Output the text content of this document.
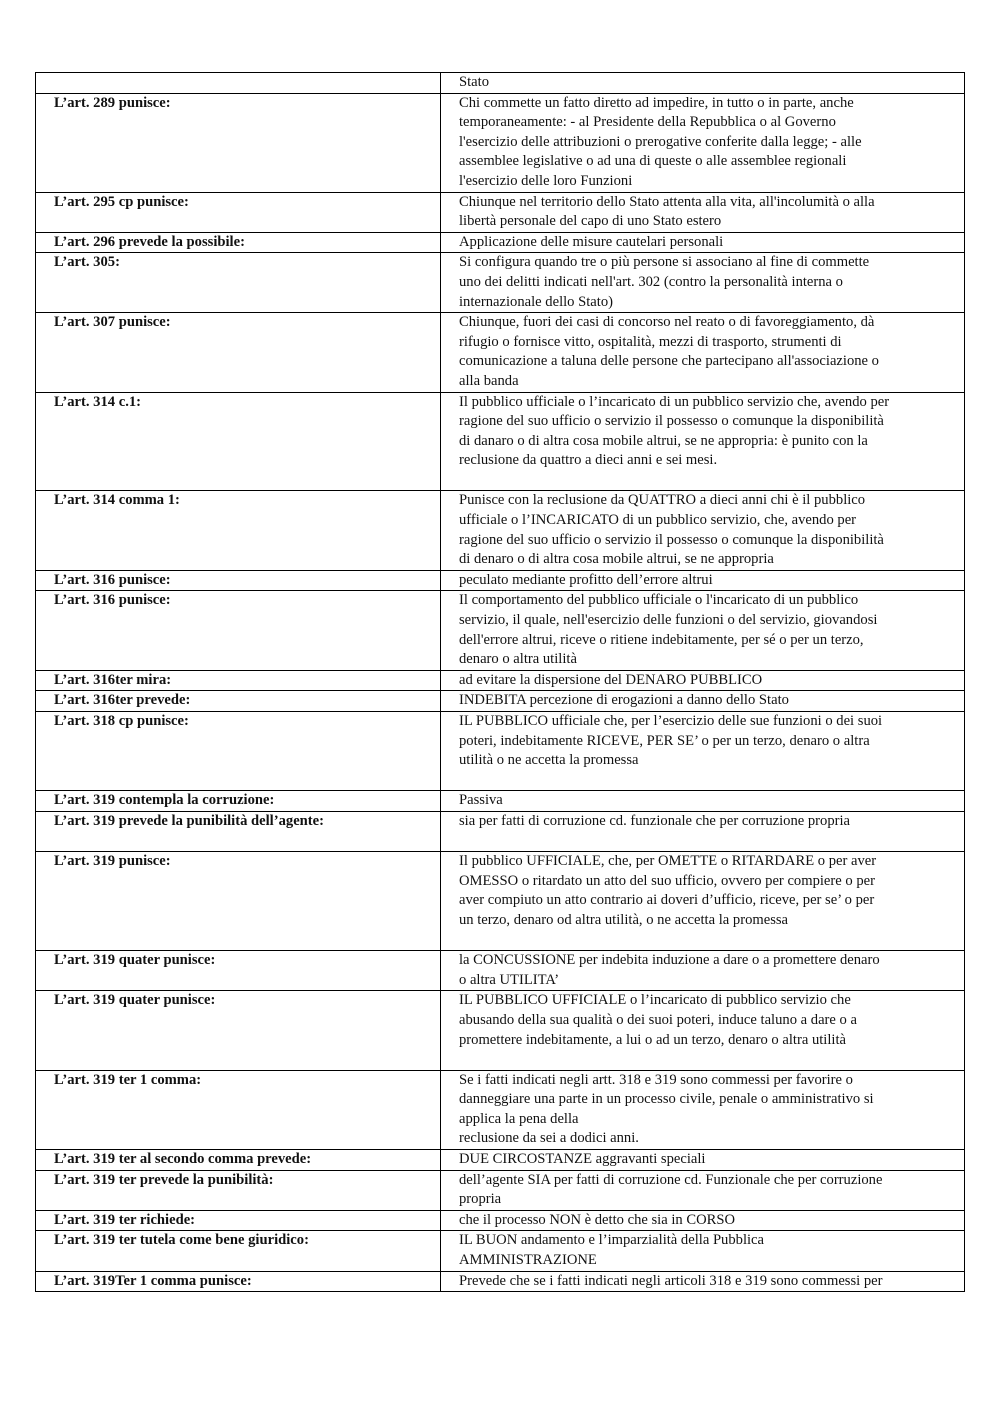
	Stato

L’art. 289 punisce:	Chi commette un fatto diretto ad impedire, in tutto o in parte, anche
temporaneamente: - al Presidente della Repubblica o al Governo
l'esercizio delle attribuzioni o prerogative conferite dalla legge; - alle
assemblee legislative o ad una di queste o alle assemblee regionali
l'esercizio delle loro Funzioni

L’art. 295 cp punisce:	Chiunque nel territorio dello Stato attenta alla vita, all'incolumità o alla
libertà personale del capo di uno Stato estero

L’art. 296 prevede la possibile:	Applicazione delle misure cautelari personali

L’art. 305:	Si configura quando tre o più persone si associano al fine di commette
uno dei delitti indicati nell'art. 302 (contro la personalità interna o
internazionale dello Stato)

L’art. 307 punisce:	Chiunque, fuori dei casi di concorso nel reato o di favoreggiamento, dà
rifugio o fornisce vitto, ospitalità, mezzi di trasporto, strumenti di
comunicazione a taluna delle persone che partecipano all'associazione o
alla banda

L’art. 314 c.1:	Il pubblico ufficiale o l’incaricato di un pubblico servizio che, avendo per
ragione del suo ufficio o servizio il possesso o comunque la disponibilità
di danaro o di altra cosa mobile altrui, se ne appropria: è punito con la
reclusione da quattro a dieci anni e sei mesi.

L’art. 314 comma 1:	Punisce con la reclusione da QUATTRO a dieci anni chi è il pubblico
ufficiale o l’INCARICATO di un pubblico servizio, che, avendo per
ragione del suo ufficio o servizio il possesso o comunque la disponibilità
di denaro o di altra cosa mobile altrui, se ne appropria

L’art. 316 punisce:	peculato mediante profitto dell’errore altrui

L’art. 316 punisce:	Il comportamento del pubblico ufficiale o l'incaricato di un pubblico
servizio, il quale, nell'esercizio delle funzioni o del servizio, giovandosi
dell'errore altrui, riceve o ritiene indebitamente, per sé o per un terzo,
denaro o altra utilità

L’art. 316ter mira:	ad evitare la dispersione del DENARO PUBBLICO

L’art. 316ter prevede:	INDEBITA percezione di erogazioni a danno dello Stato

L’art. 318 cp punisce:	IL PUBBLICO ufficiale che, per l’esercizio delle sue funzioni o dei suoi
poteri, indebitamente RICEVE, PER SE’ o per un terzo, denaro o altra
utilità o ne accetta la promessa

L’art. 319 contempla la corruzione:	Passiva

L’art. 319 prevede la punibilità dell’agente:	sia per fatti di corruzione cd. funzionale che per corruzione propria

L’art. 319 punisce:	Il pubblico UFFICIALE, che, per OMETTE o RITARDARE o per aver
OMESSO o ritardato un atto del suo ufficio, ovvero per compiere o per
aver compiuto un atto contrario ai doveri d’ufficio, riceve, per se’ o per
un terzo, denaro od altra utilità, o ne accetta la promessa

L’art. 319 quater punisce:	la CONCUSSIONE per indebita induzione a dare o a promettere denaro
o altra UTILITA’

L’art. 319 quater punisce:	IL PUBBLICO UFFICIALE o l’incaricato di pubblico servizio che
abusando della sua qualità o dei suoi poteri, induce taluno a dare o a
promettere indebitamente, a lui o ad un terzo, denaro o altra utilità

L’art. 319 ter 1 comma:	Se i fatti indicati negli artt. 318 e 319 sono commessi per favorire o
danneggiare una parte in un processo civile, penale o amministrativo si
applica la pena della
reclusione da sei a dodici anni.

L’art. 319 ter al secondo comma prevede:	DUE CIRCOSTANZE aggravanti speciali

L’art. 319 ter prevede la punibilità:	dell’agente SIA per fatti di corruzione cd. Funzionale che per corruzione
propria

L’art. 319 ter richiede:	che il processo NON è detto che sia in CORSO

L’art. 319 ter tutela come bene giuridico:	IL BUON andamento e l’imparzialità della Pubblica
AMMINISTRAZIONE

L’art. 319Ter 1 comma punisce:	Prevede che se i fatti indicati negli articoli 318 e 319 sono commessi per
